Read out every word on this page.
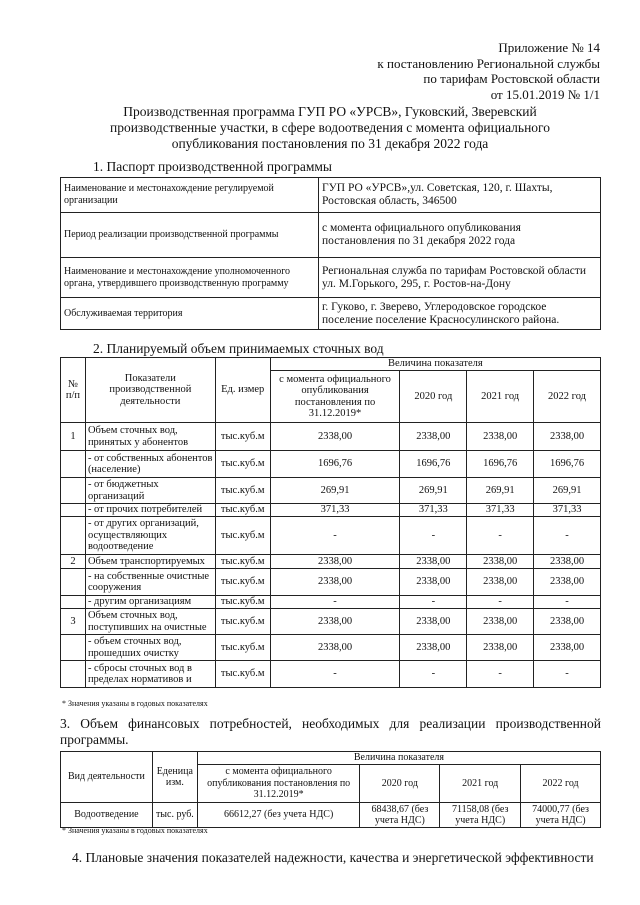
Приложение № 14
к постановлению Региональной службы
по тарифам Ростовской области
от 15.01.2019 № 1/1
Производственная программа ГУП РО «УРСВ», Гуковский, Зверевский производственные участки, в сфере водоотведения с момента официального опубликования постановления по 31 декабря 2022 года
1. Паспорт производственной программы
Наименование и местонахождение регулируемой организации	ГУП РО «УРСВ»,ул. Советская, 120, г. Шахты, Ростовская область, 346500
Период реализации производственной программы	с момента официального опубликования постановления по 31 декабря 2022 года
Наименование и местонахождение уполномоченного органа, утвердившего производственную программу	Региональная служба по тарифам Ростовской области ул. М.Горького, 295, г. Ростов-на-Дону
Обслуживаемая территория	г. Гуково, г. Зверево, Углеродовское городское поселение поселение Красносулинского района.
2. Планируемый объем принимаемых сточных вод
№ п/п	Показатели производственной деятельности	Ед. измер	Величина показателя			
			с момента официального опубликования постановления по 31.12.2019*	2020 год	2021 год	2022 год
1	Объем сточных вод, принятых у абонентов	тыс.куб.м	2338,00	2338,00	2338,00	2338,00
	- от собственных абонентов (население)	тыс.куб.м	1696,76	1696,76	1696,76	1696,76
	- от бюджетных организаций	тыс.куб.м	269,91	269,91	269,91	269,91
	- от прочих потребителей	тыс.куб.м	371,33	371,33	371,33	371,33
	- от других организаций, осуществляющих водоотведение	тыс.куб.м	-	-	-	-
2	Объем транспортируемых	тыс.куб.м	2338,00	2338,00	2338,00	2338,00
	- на собственные очистные сооружения	тыс.куб.м	2338,00	2338,00	2338,00	2338,00
	- другим организациям	тыс.куб.м	-	-	-	-
3	Объем сточных вод, поступивших на очистные	тыс.куб.м	2338,00	2338,00	2338,00	2338,00
	- объем сточных вод, прошедших очистку	тыс.куб.м	2338,00	2338,00	2338,00	2338,00
	- сбросы сточных вод в пределах нормативов и	тыс.куб.м	-	-	-	-
* Значения указаны в годовых показателях
3. Объем финансовых потребностей, необходимых для реализации производственной программы.
Вид деятельности	Еденица изм.	Величина показателя			
		с момента официального опубликования постановления по 31.12.2019*	2020 год	2021 год	2022 год
Водоотведение	тыс. руб.	66612,27 (без учета НДС)	68438,67 (без учета НДС)	71158,08 (без учета НДС)	74000,77 (без учета НДС)
* Значения указаны в годовых показателях
4. Плановые значения показателей надежности, качества и энергетической эффективности
